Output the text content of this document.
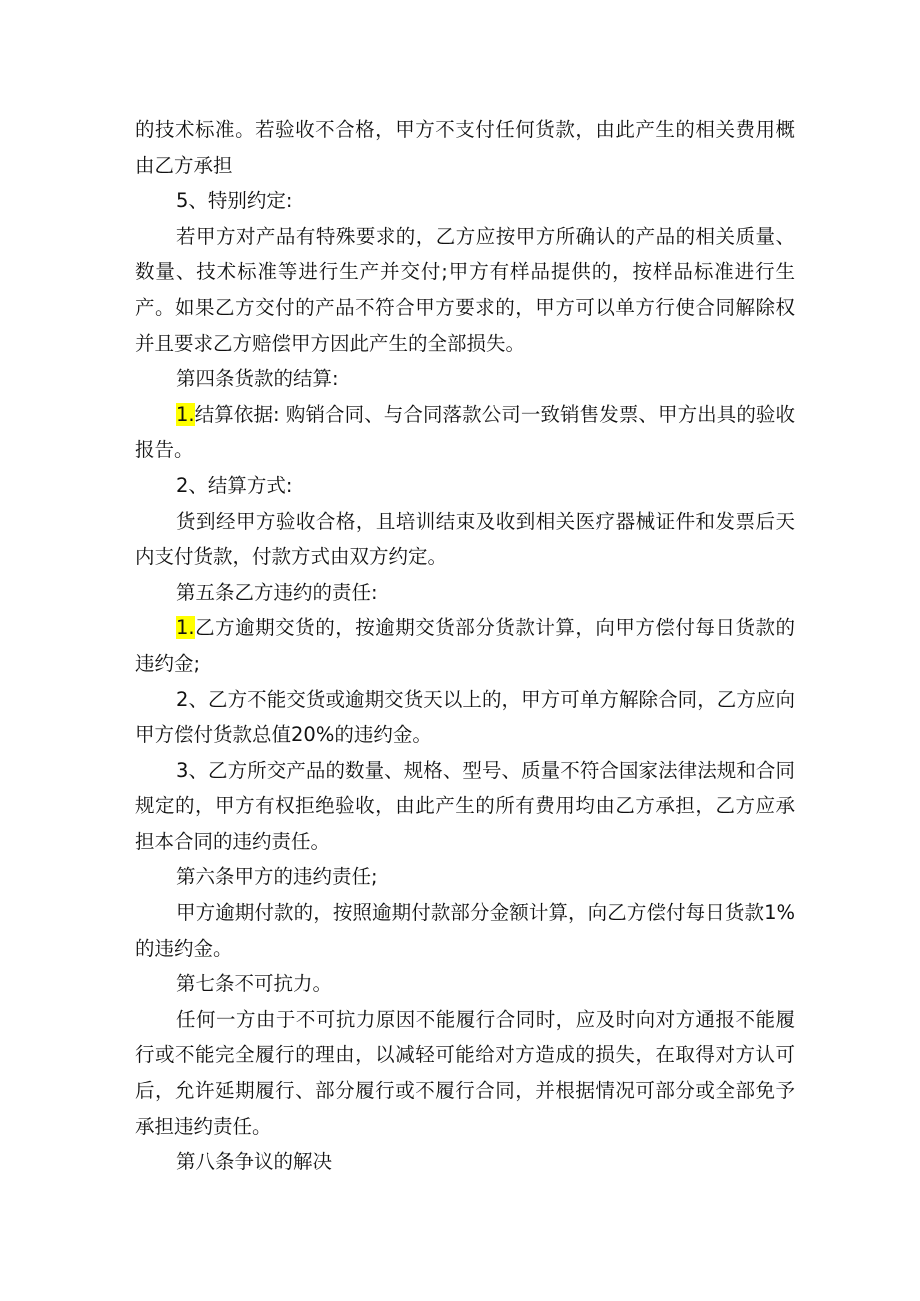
的技术标准。若验收不合格，甲方不支付任何货款，由此产生的相关费用概由乙方承担

5、特别约定:

若甲方对产品有特殊要求的，乙方应按甲方所确认的产品的相关质量、数量、技术标准等进行生产并交付;甲方有样品提供的，按样品标准进行生产。如果乙方交付的产品不符合甲方要求的，甲方可以单方行使合同解除权并且要求乙方赔偿甲方因此产生的全部损失。

第四条货款的结算:

1.结算依据: 购销合同、与合同落款公司一致销售发票、甲方出具的验收报告。

2、结算方式:

货到经甲方验收合格，且培训结束及收到相关医疗器械证件和发票后天内支付货款，付款方式由双方约定。

第五条乙方违约的责任:

1.乙方逾期交货的，按逾期交货部分货款计算，向甲方偿付每日货款的违约金;

2、乙方不能交货或逾期交货天以上的，甲方可单方解除合同，乙方应向甲方偿付货款总值20%的违约金。

3、乙方所交产品的数量、规格、型号、质量不符合国家法律法规和合同规定的，甲方有权拒绝验收，由此产生的所有费用均由乙方承担，乙方应承担本合同的违约责任。

第六条甲方的违约责任;

甲方逾期付款的，按照逾期付款部分金额计算，向乙方偿付每日货款1%的违约金。

第七条不可抗力。

任何一方由于不可抗力原因不能履行合同时，应及时向对方通报不能履行或不能完全履行的理由，以减轻可能给对方造成的损失，在取得对方认可后，允许延期履行、部分履行或不履行合同，并根据情况可部分或全部免予承担违约责任。

第八条争议的解决
